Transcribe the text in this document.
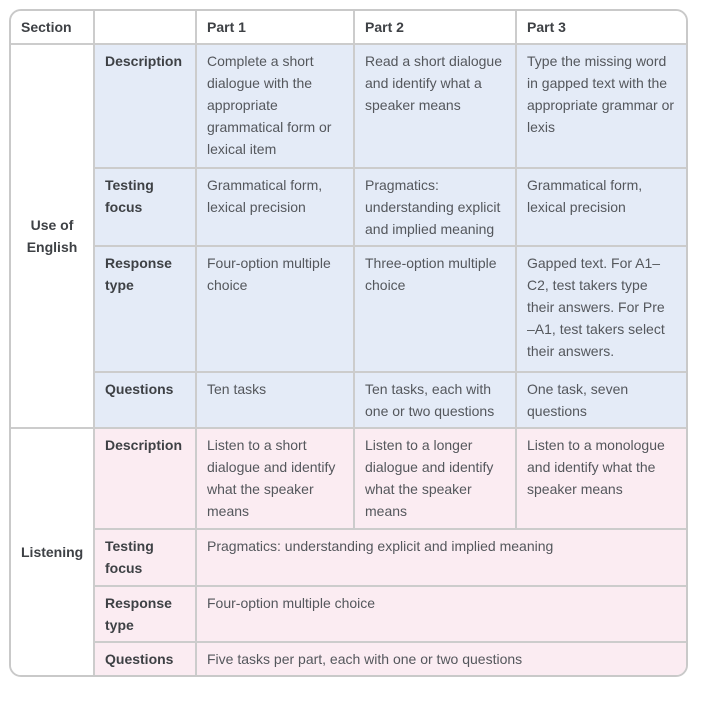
Section		Part 1	Part 2	Part 3
Use of English	Description	Complete a short dialogue with the appropriate grammatical form or lexical item	Read a short dialogue and identify what a speaker means	Type the missing word in gapped text with the appropriate grammar or lexis
	Testing focus	Grammatical form, lexical precision	Pragmatics: understanding explicit and implied meaning	Grammatical form, lexical precision
	Response type	Four-option multiple choice	Three-option multiple choice	Gapped text. For A1–C2, test takers type their answers. For Pre –A1, test takers select their answers.
	Questions	Ten tasks	Ten tasks, each with one or two questions	One task, seven questions
Listening	Description	Listen to a short dialogue and identify what the speaker means	Listen to a longer dialogue and identify what the speaker means	Listen to a monologue and identify what the speaker means
	Testing focus	Pragmatics: understanding explicit and implied meaning		
	Response type	Four-option multiple choice		
	Questions	Five tasks per part, each with one or two questions		
